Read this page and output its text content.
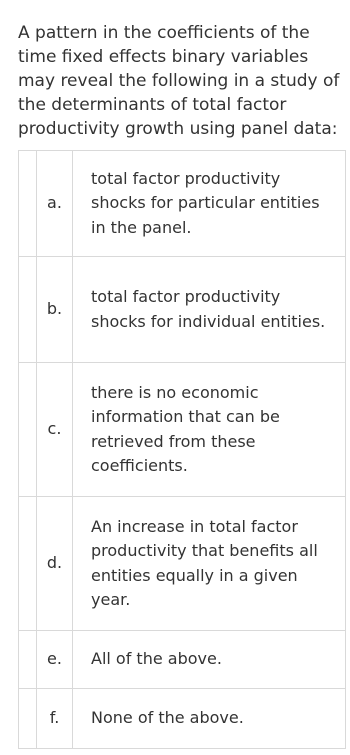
A pattern in the coefficients of the time fixed effects binary variables may reveal the following in a study of the determinants of total factor productivity growth using panel data:

	a.	total factor productivity shocks for particular entities in the panel.

	b.	total factor productivity shocks for individual entities.

	c.	there is no economic information that can be retrieved from these coefficients.

	d.	An increase in total factor productivity that benefits all entities equally in a given year.

	e.	All of the above.

	f.	None of the above.
